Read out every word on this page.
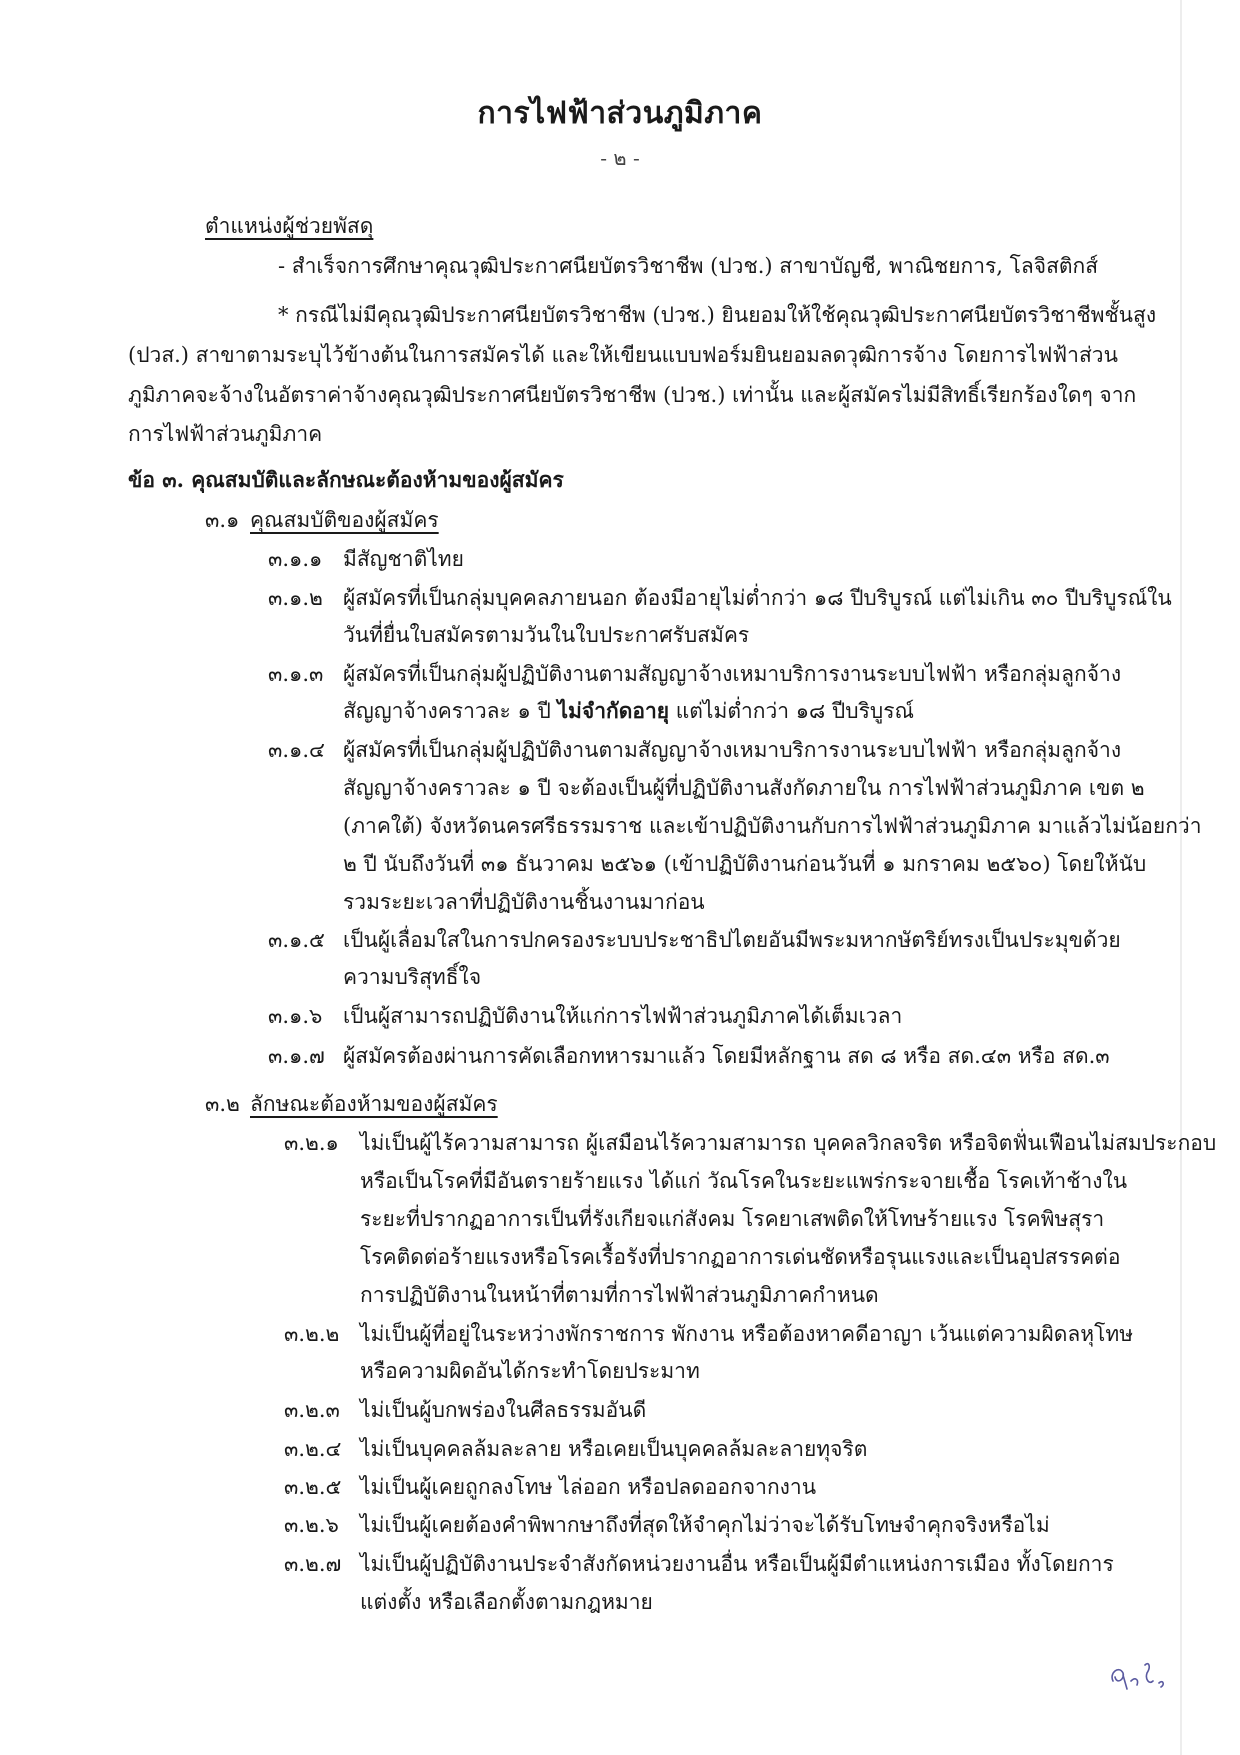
การไฟฟ้าส่วนภูมิภาค
- ๒ -
ตำแหน่งผู้ช่วยพัสดุ
- สำเร็จการศึกษาคุณวุฒิประกาศนียบัตรวิชาชีพ (ปวช.) สาขาบัญชี, พาณิชยการ, โลจิสติกส์
* กรณีไม่มีคุณวุฒิประกาศนียบัตรวิชาชีพ (ปวช.) ยินยอมให้ใช้คุณวุฒิประกาศนียบัตรวิชาชีพชั้นสูง
(ปวส.) สาขาตามระบุไว้ข้างต้นในการสมัครได้ และให้เขียนแบบฟอร์มยินยอมลดวุฒิการจ้าง โดยการไฟฟ้าส่วน
ภูมิภาคจะจ้างในอัตราค่าจ้างคุณวุฒิประกาศนียบัตรวิชาชีพ (ปวช.) เท่านั้น และผู้สมัครไม่มีสิทธิ์เรียกร้องใดๆ จาก
การไฟฟ้าส่วนภูมิภาค
ข้อ ๓. คุณสมบัติและลักษณะต้องห้ามของผู้สมัคร
๓.๑ คุณสมบัติของผู้สมัคร
๓.๑.๑ มีสัญชาติไทย
๓.๑.๒ ผู้สมัครที่เป็นกลุ่มบุคคลภายนอก ต้องมีอายุไม่ต่ำกว่า ๑๘ ปีบริบูรณ์ แต่ไม่เกิน ๓๐ ปีบริบูรณ์ใน
วันที่ยื่นใบสมัครตามวันในใบประกาศรับสมัคร
๓.๑.๓ ผู้สมัครที่เป็นกลุ่มผู้ปฏิบัติงานตามสัญญาจ้างเหมาบริการงานระบบไฟฟ้า หรือกลุ่มลูกจ้าง
สัญญาจ้างคราวละ ๑ ปี ไม่จำกัดอายุ แต่ไม่ต่ำกว่า ๑๘ ปีบริบูรณ์
๓.๑.๔ ผู้สมัครที่เป็นกลุ่มผู้ปฏิบัติงานตามสัญญาจ้างเหมาบริการงานระบบไฟฟ้า หรือกลุ่มลูกจ้าง
สัญญาจ้างคราวละ ๑ ปี จะต้องเป็นผู้ที่ปฏิบัติงานสังกัดภายใน การไฟฟ้าส่วนภูมิภาค เขต ๒
(ภาคใต้) จังหวัดนครศรีธรรมราช และเข้าปฏิบัติงานกับการไฟฟ้าส่วนภูมิภาค มาแล้วไม่น้อยกว่า
๒ ปี นับถึงวันที่ ๓๑ ธันวาคม ๒๕๖๑ (เข้าปฏิบัติงานก่อนวันที่ ๑ มกราคม ๒๕๖๐) โดยให้นับ
รวมระยะเวลาที่ปฏิบัติงานชิ้นงานมาก่อน
๓.๑.๕ เป็นผู้เลื่อมใสในการปกครองระบบประชาธิปไตยอันมีพระมหากษัตริย์ทรงเป็นประมุขด้วย
ความบริสุทธิ์ใจ
๓.๑.๖ เป็นผู้สามารถปฏิบัติงานให้แก่การไฟฟ้าส่วนภูมิภาคได้เต็มเวลา
๓.๑.๗ ผู้สมัครต้องผ่านการคัดเลือกทหารมาแล้ว โดยมีหลักฐาน สด ๘ หรือ สด.๔๓ หรือ สด.๓
๓.๒ ลักษณะต้องห้ามของผู้สมัคร
๓.๒.๑ ไม่เป็นผู้ไร้ความสามารถ ผู้เสมือนไร้ความสามารถ บุคคลวิกลจริต หรือจิตฟั่นเฟือนไม่สมประกอบ
หรือเป็นโรคที่มีอันตรายร้ายแรง ได้แก่ วัณโรคในระยะแพร่กระจายเชื้อ โรคเท้าช้างใน
ระยะที่ปรากฏอาการเป็นที่รังเกียจแก่สังคม โรคยาเสพติดให้โทษร้ายแรง โรคพิษสุรา
โรคติดต่อร้ายแรงหรือโรคเรื้อรังที่ปรากฏอาการเด่นชัดหรือรุนแรงและเป็นอุปสรรคต่อ
การปฏิบัติงานในหน้าที่ตามที่การไฟฟ้าส่วนภูมิภาคกำหนด
๓.๒.๒ ไม่เป็นผู้ที่อยู่ในระหว่างพักราชการ พักงาน หรือต้องหาคดีอาญา เว้นแต่ความผิดลหุโทษ
หรือความผิดอันได้กระทำโดยประมาท
๓.๒.๓ ไม่เป็นผู้บกพร่องในศีลธรรมอันดี
๓.๒.๔ ไม่เป็นบุคคลล้มละลาย หรือเคยเป็นบุคคลล้มละลายทุจริต
๓.๒.๕ ไม่เป็นผู้เคยถูกลงโทษ ไล่ออก หรือปลดออกจากงาน
๓.๒.๖ ไม่เป็นผู้เคยต้องคำพิพากษาถึงที่สุดให้จำคุกไม่ว่าจะได้รับโทษจำคุกจริงหรือไม่
๓.๒.๗ ไม่เป็นผู้ปฏิบัติงานประจำสังกัดหน่วยงานอื่น หรือเป็นผู้มีตำแหน่งการเมือง ทั้งโดยการ
แต่งตั้ง หรือเลือกตั้งตามกฎหมาย
